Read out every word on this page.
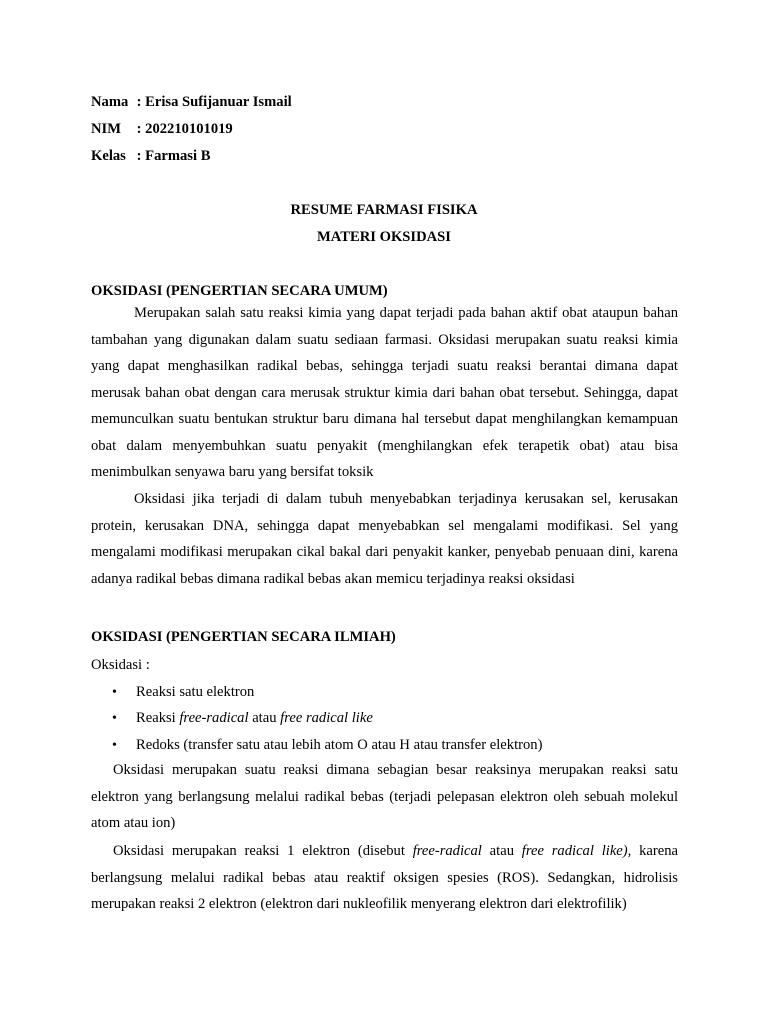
Nama : Erisa Sufijanuar Ismail
NIM : 202210101019
Kelas : Farmasi B
RESUME FARMASI FISIKA
MATERI OKSIDASI
OKSIDASI (PENGERTIAN SECARA UMUM)

Merupakan salah satu reaksi kimia yang dapat terjadi pada bahan aktif obat ataupun bahan tambahan yang digunakan dalam suatu sediaan farmasi. Oksidasi merupakan suatu reaksi kimia yang dapat menghasilkan radikal bebas, sehingga terjadi suatu reaksi berantai dimana dapat merusak bahan obat dengan cara merusak struktur kimia dari bahan obat tersebut. Sehingga, dapat memunculkan suatu bentukan struktur baru dimana hal tersebut dapat menghilangkan kemampuan obat dalam menyembuhkan suatu penyakit (menghilangkan efek terapetik obat) atau bisa menimbulkan senyawa baru yang bersifat toksik

Oksidasi jika terjadi di dalam tubuh menyebabkan terjadinya kerusakan sel, kerusakan protein, kerusakan DNA, sehingga dapat menyebabkan sel mengalami modifikasi. Sel yang mengalami modifikasi merupakan cikal bakal dari penyakit kanker, penyebab penuaan dini, karena adanya radikal bebas dimana radikal bebas akan memicu terjadinya reaksi oksidasi

OKSIDASI (PENGERTIAN SECARA ILMIAH)
Oksidasi :
• Reaksi satu elektron
• Reaksi free-radical atau free radical like
• Redoks (transfer satu atau lebih atom O atau H atau transfer elektron)

Oksidasi merupakan suatu reaksi dimana sebagian besar reaksinya merupakan reaksi satu elektron yang berlangsung melalui radikal bebas (terjadi pelepasan elektron oleh sebuah molekul atom atau ion)

Oksidasi merupakan reaksi 1 elektron (disebut free-radical atau free radical like), karena berlangsung melalui radikal bebas atau reaktif oksigen spesies (ROS). Sedangkan, hidrolisis merupakan reaksi 2 elektron (elektron dari nukleofilik menyerang elektron dari elektrofilik)
